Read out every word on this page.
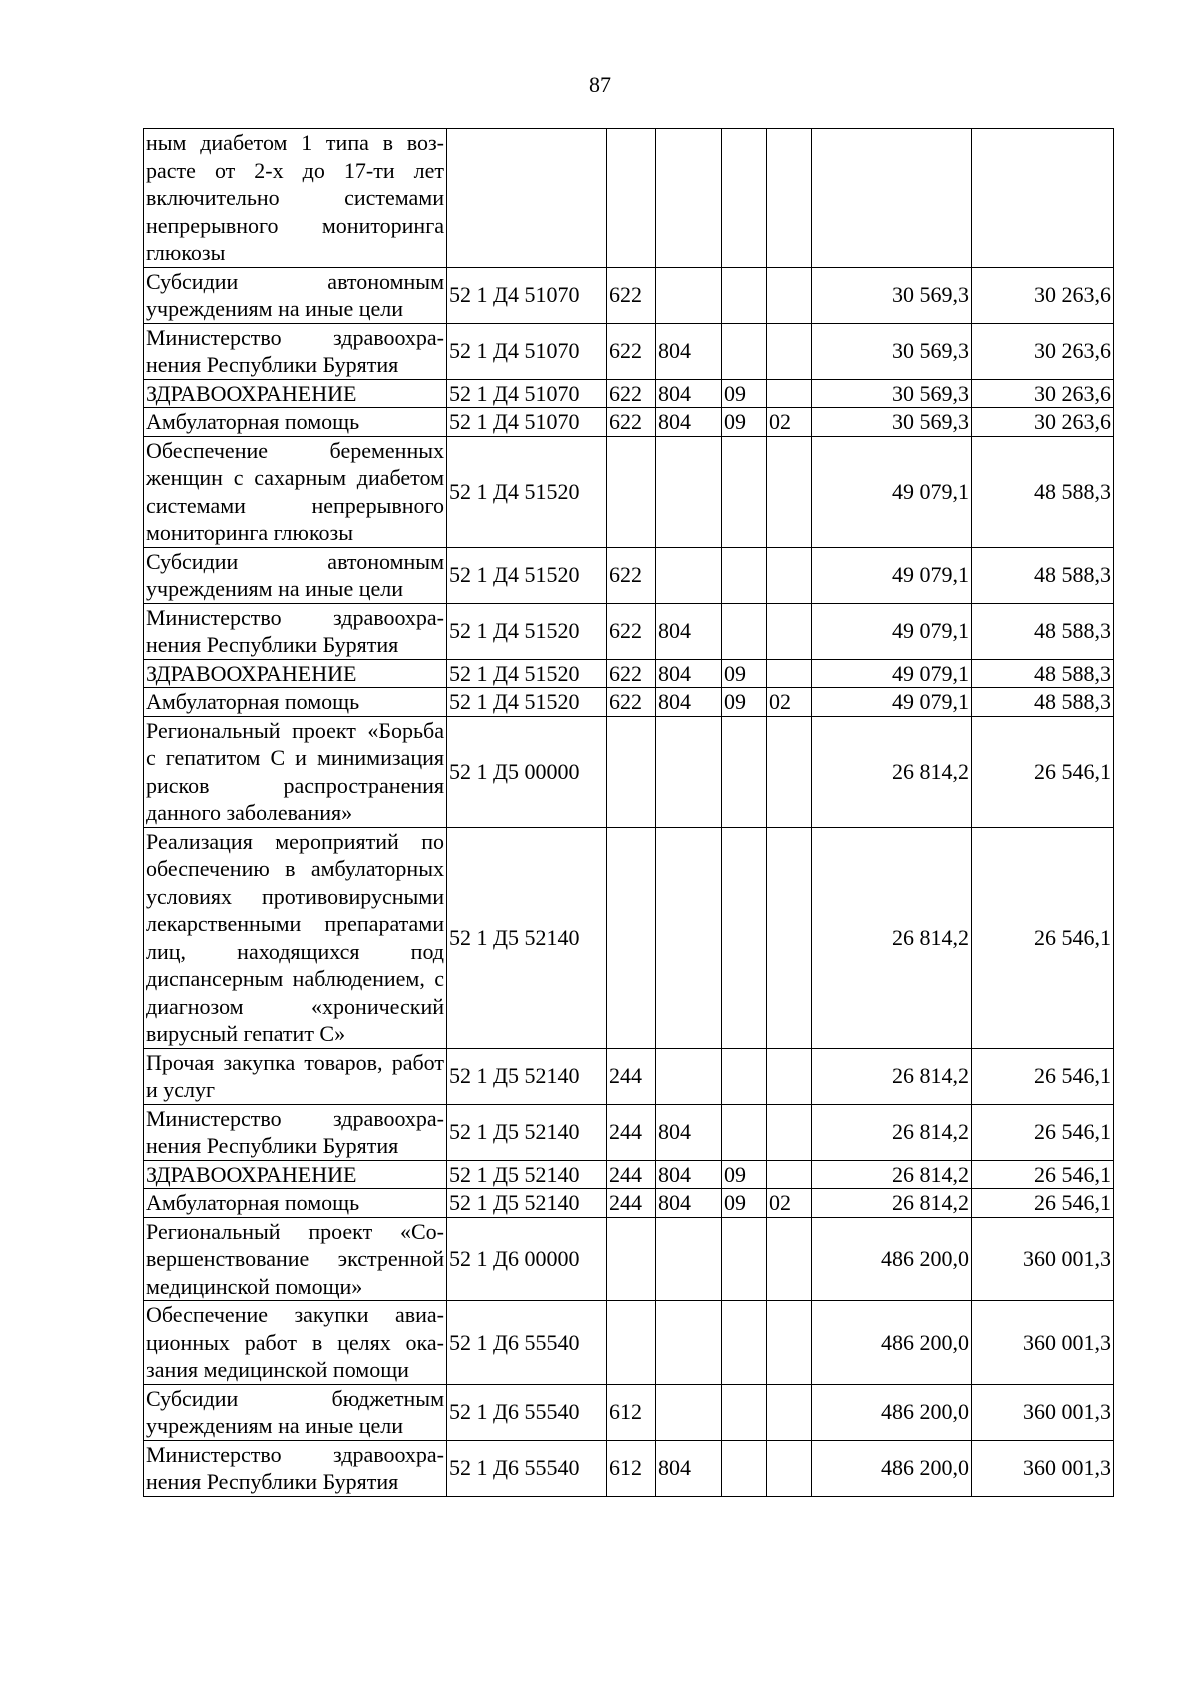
87
ным диабетом 1 типа в возрасте от 2-х до 17-ти лет включительно системами непрерывного мониторинга глюкозы							
Субсидии автономным учреждениям на иные цели	52 1 Д4 51070	622				30 569,3	30 263,6
Министерство здравоохранения Республики Бурятия	52 1 Д4 51070	622	804			30 569,3	30 263,6
ЗДРАВООХРАНЕНИЕ	52 1 Д4 51070	622	804	09		30 569,3	30 263,6
Амбулаторная помощь	52 1 Д4 51070	622	804	09	02	30 569,3	30 263,6
Обеспечение беременных женщин с сахарным диабетом системами непрерывного мониторинга глюкозы	52 1 Д4 51520					49 079,1	48 588,3
Субсидии автономным учреждениям на иные цели	52 1 Д4 51520	622				49 079,1	48 588,3
Министерство здравоохранения Республики Бурятия	52 1 Д4 51520	622	804			49 079,1	48 588,3
ЗДРАВООХРАНЕНИЕ	52 1 Д4 51520	622	804	09		49 079,1	48 588,3
Амбулаторная помощь	52 1 Д4 51520	622	804	09	02	49 079,1	48 588,3
Региональный проект «Борьба с гепатитом С и минимизация рисков распространения данного заболевания»	52 1 Д5 00000					26 814,2	26 546,1
Реализация мероприятий по обеспечению в амбулаторных условиях противовирусными лекарственными препаратами лиц, находящихся под диспансерным наблюдением, с диагнозом «хронический вирусный гепатит С»	52 1 Д5 52140					26 814,2	26 546,1
Прочая закупка товаров, работ и услуг	52 1 Д5 52140	244				26 814,2	26 546,1
Министерство здравоохранения Республики Бурятия	52 1 Д5 52140	244	804			26 814,2	26 546,1
ЗДРАВООХРАНЕНИЕ	52 1 Д5 52140	244	804	09		26 814,2	26 546,1
Амбулаторная помощь	52 1 Д5 52140	244	804	09	02	26 814,2	26 546,1
Региональный проект «Совершенствование экстренной медицинской помощи»	52 1 Д6 00000					486 200,0	360 001,3
Обеспечение закупки авиационных работ в целях оказания медицинской помощи	52 1 Д6 55540					486 200,0	360 001,3
Субсидии бюджетным учреждениям на иные цели	52 1 Д6 55540	612				486 200,0	360 001,3
Министерство здравоохранения Республики Бурятия	52 1 Д6 55540	612	804			486 200,0	360 001,3
